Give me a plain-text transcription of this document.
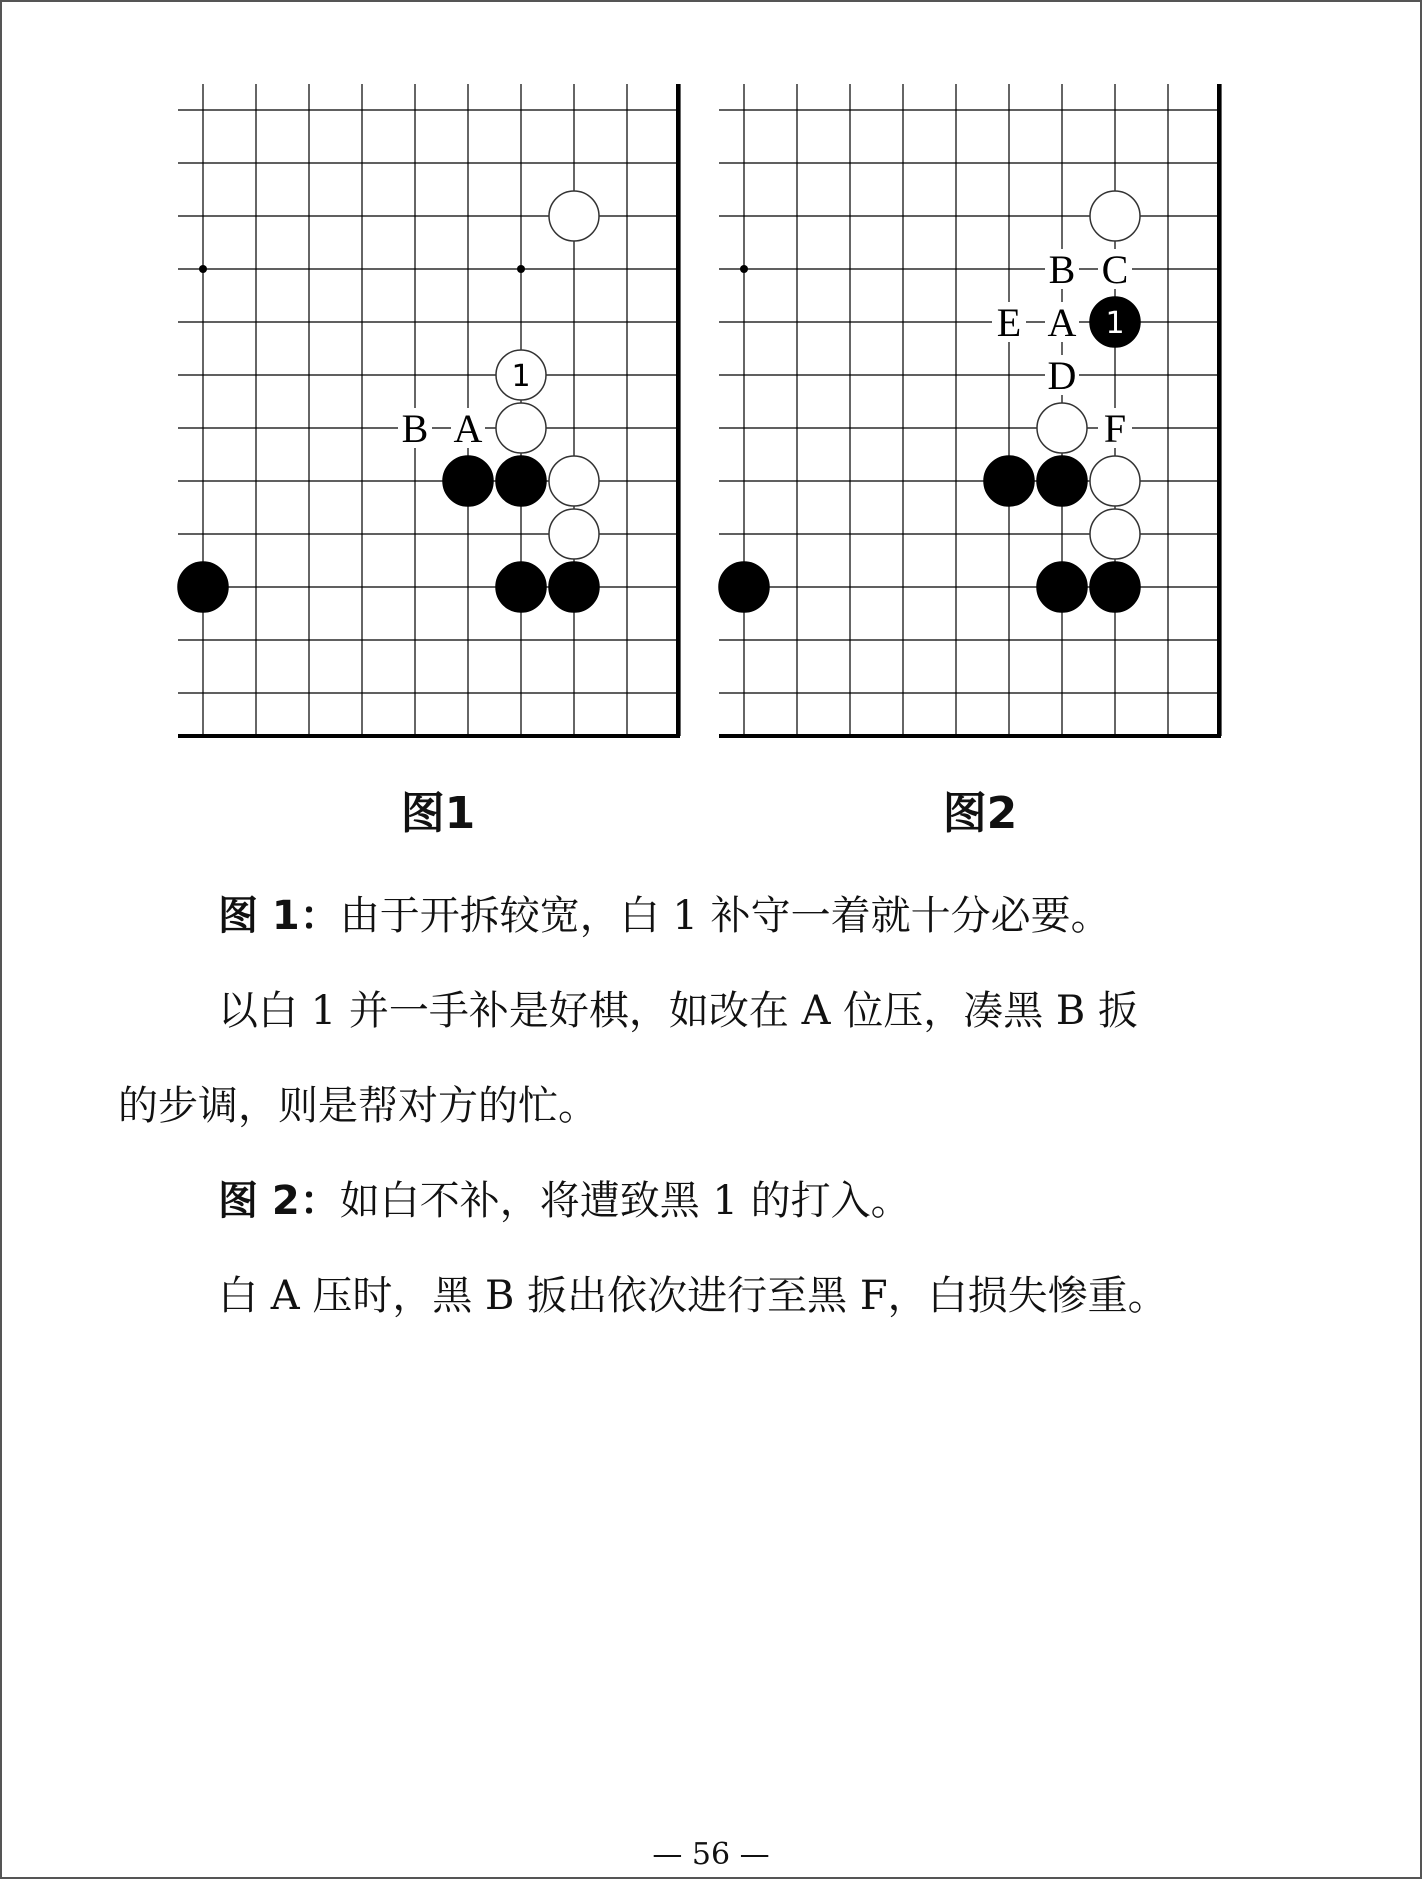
B A
1
B C
E A
D
F
1
图1	图2
图 1：由于开拆较宽，白 1 补守一着就十分必要。
以白 1 并一手补是好棋，如改在 A 位压，凑黑 B 扳
的步调，则是帮对方的忙。
图 2：如白不补，将遭致黑 1 的打入。
白 A 压时，黑 B 扳出依次进行至黑 F，白损失惨重。
— 56 —
